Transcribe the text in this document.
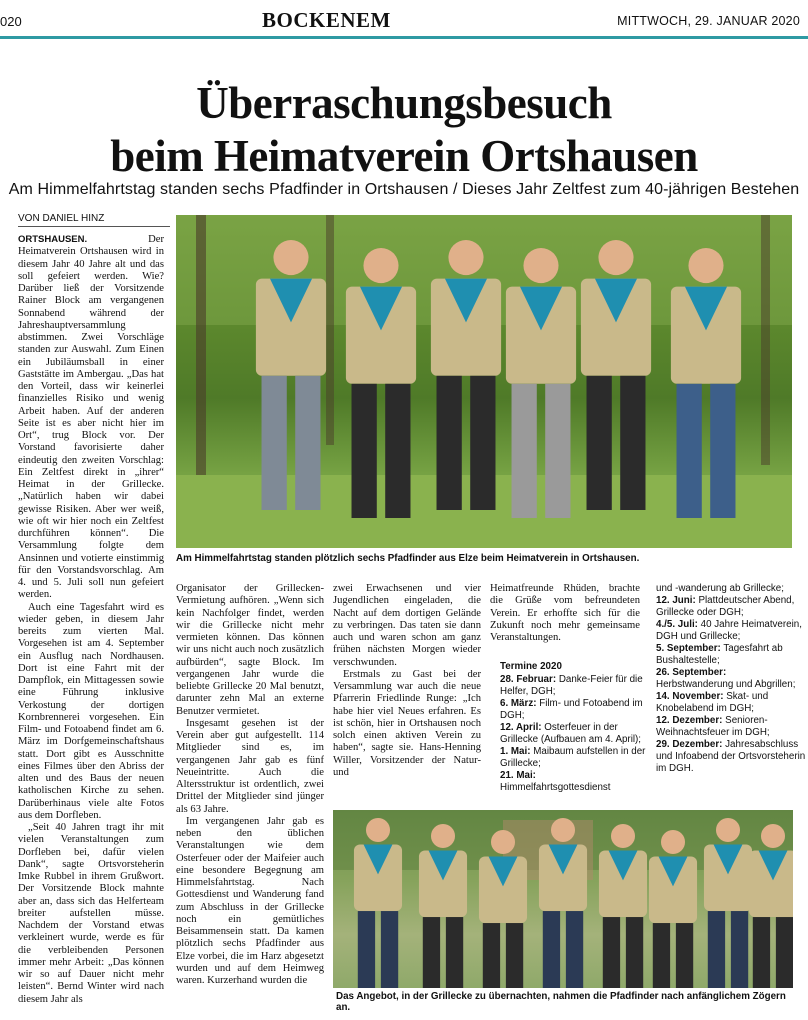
020	BOCKENEM	MITTWOCH, 29. JANUAR 2020
Überraschungsbesuch
beim Heimatverein Ortshausen
Am Himmelfahrtstag standen sechs Pfadfinder in Ortshausen / Dieses Jahr Zeltfest zum 40-jährigen Bestehen
VON DANIEL HINZ

ORTSHAUSEN.	Der Heimatverein Ortshausen wird in diesem Jahr 40 Jahre alt und das soll gefeiert werden. Wie? Darüber ließ der Vorsitzende Rainer Block am vergangenen Sonnabend während der Jahreshauptversammlung abstimmen. Zwei Vorschläge standen zur Auswahl. Zum Einen ein Jubiläumsball in einer Gaststätte im Ambergau. „Das hat den Vorteil, dass wir keinerlei finanzielles Risiko und wenig Arbeit haben. Auf der anderen Seite ist es aber nicht hier im Ort“, trug Block vor. Der Vorstand favorisierte daher eindeutig den zweiten Vorschlag: Ein Zeltfest direkt in „ihrer“ Heimat in der Grillecke. „Natürlich haben wir dabei gewisse Risiken. Aber wer weiß, wie oft wir hier noch ein Zeltfest durchführen können“. Die Versammlung folgte dem Ansinnen und votierte einstimmig für den Vorstandsvorschlag. Am 4. und 5. Juli soll nun gefeiert werden.

Auch eine Tagesfahrt wird es wieder geben, in diesem Jahr bereits zum vierten Mal. Vorgesehen ist am 4. September ein Ausflug nach Nordhausen. Dort ist eine Fahrt mit der Dampflok, ein Mittagessen sowie eine Führung inklusive Verkostung der dortigen Kornbrennerei vorgesehen. Ein Film- und Fotoabend findet am 6. März im Dorfgemeinschaftshaus statt. Dort gibt es Ausschnitte eines Filmes über den Abriss der alten und des Baus der neuen katholischen Kirche zu sehen. Darüberhinaus viele alte Fotos aus dem Dorfleben.

„Seit 40 Jahren tragt ihr mit vielen Veranstaltungen zum Dorfleben bei, dafür vielen Dank“, sagte Ortsvorsteherin Imke Rubbel in ihrem Grußwort. Der Vorsitzende Block mahnte aber an, dass sich das Helferteam breiter aufstellen müsse. Nachdem der Vorstand etwas verkleinert wurde, werde es für die verbleibenden Personen immer mehr Arbeit: „Das können wir so auf Dauer nicht mehr leisten“. Bernd Winter wird nach diesem Jahr als

Organisator der Grillecken-Vermietung aufhören. „Wenn sich kein Nachfolger findet, werden wir die Grillecke nicht mehr vermieten können. Das können wir uns nicht auch noch zusätzlich aufbürden“, sagte Block. Im vergangenen Jahr wurde die beliebte Grillecke 20 Mal benutzt, darunter zehn Mal an externe Benutzer vermietet.

Insgesamt gesehen ist der Verein aber gut aufgestellt. 114 Mitglieder sind es, im vergangenen Jahr gab es fünf Neueintritte. Auch die Altersstruktur ist ordentlich, zwei Drittel der Mitglieder sind jünger als 63 Jahre.

Im vergangenen Jahr gab es neben den üblichen Veranstaltungen wie dem Osterfeuer oder der Maifeier auch eine besondere Begegnung am Himmelsfahrtstag. Nach Gottesdienst und Wanderung fand zum Abschluss in der Grillecke noch ein gemütliches Beisammensein statt. Da kamen plötzlich sechs Pfadfinder aus Elze vorbei, die im Harz abgesetzt wurden und auf dem Heimweg waren. Kurzerhand wurden die

zwei Erwachsenen und vier Jugendlichen eingeladen, die Nacht auf dem dortigen Gelände zu verbringen. Das taten sie dann auch und waren schon am ganz frühen nächsten Morgen wieder verschwunden.

Erstmals zu Gast bei der Versammlung war auch die neue Pfarrerin Friedlinde Runge: „Ich habe hier viel Neues erfahren. Es ist schön, hier in Ortshausen noch solch einen aktiven Verein zu haben“, sagte sie. Hans-Henning Willer, Vorsitzender der Natur- und

Heimatfreunde Rhüden, brachte die Grüße vom befreundeten Verein. Er erhoffte sich für die Zukunft noch mehr gemeinsame Veranstaltungen.

Termine 2020
28. Februar: Danke-Feier für die Helfer, DGH;
6. März: Film- und Fotoabend im DGH;
12. April: Osterfeuer in der Grillecke (Aufbauen am 4. April);
1. Mai: Maibaum aufstellen in der Grillecke;
21. Mai: Himmelfahrtsgottesdienst
und -wanderung ab Grillecke;
12. Juni: Plattdeutscher Abend, Grillecke oder DGH;
4./5. Juli: 40 Jahre Heimatverein, DGH und Grillecke;
5. September: Tagesfahrt ab Bushaltestelle;
26. September: Herbstwanderung und Abgrillen;
14. November: Skat- und Knobelabend im DGH;
12. Dezember: Senioren-Weihnachtsfeuer im DGH;
29. Dezember: Jahresabschluss und Infoabend der Ortsvorsteherin im DGH.
Am Himmelfahrtstag standen plötzlich sechs Pfadfinder aus Elze beim Heimatverein in Ortshausen.
Das Angebot, in der Grillecke zu übernachten, nahmen die Pfadfinder nach anfänglichem Zögern an.
